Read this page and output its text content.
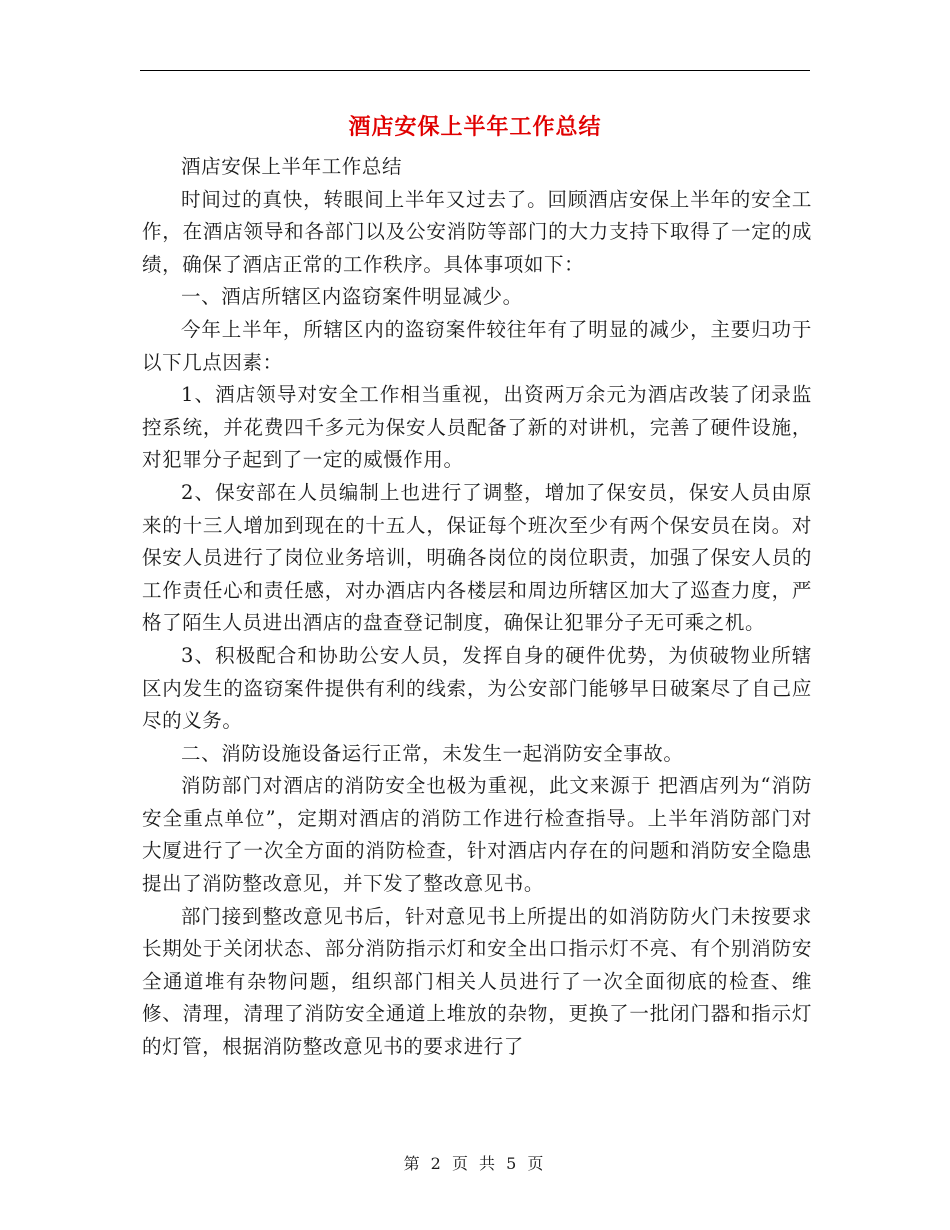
酒店安保上半年工作总结

酒店安保上半年工作总结

时间过的真快，转眼间上半年又过去了。回顾酒店安保上半年的安全工作，在酒店领导和各部门以及公安消防等部门的大力支持下取得了一定的成绩，确保了酒店正常的工作秩序。具体事项如下：

一、酒店所辖区内盗窃案件明显减少。

今年上半年，所辖区内的盗窃案件较往年有了明显的减少，主要归功于以下几点因素：

1、酒店领导对安全工作相当重视，出资两万余元为酒店改装了闭录监控系统，并花费四千多元为保安人员配备了新的对讲机，完善了硬件设施，对犯罪分子起到了一定的威慑作用。

2、保安部在人员编制上也进行了调整，增加了保安员，保安人员由原来的十三人增加到现在的十五人，保证每个班次至少有两个保安员在岗。对保安人员进行了岗位业务培训，明确各岗位的岗位职责，加强了保安人员的工作责任心和责任感，对办酒店内各楼层和周边所辖区加大了巡查力度，严格了陌生人员进出酒店的盘查登记制度，确保让犯罪分子无可乘之机。

3、积极配合和协助公安人员，发挥自身的硬件优势，为侦破物业所辖区内发生的盗窃案件提供有利的线索，为公安部门能够早日破案尽了自己应尽的义务。

二、消防设施设备运行正常，未发生一起消防安全事故。

消防部门对酒店的消防安全也极为重视，此文来源于 把酒店列为“消防安全重点单位”，定期对酒店的消防工作进行检查指导。上半年消防部门对大厦进行了一次全方面的消防检查，针对酒店内存在的问题和消防安全隐患提出了消防整改意见，并下发了整改意见书。

部门接到整改意见书后，针对意见书上所提出的如消防防火门未按要求长期处于关闭状态、部分消防指示灯和安全出口指示灯不亮、有个别消防安全通道堆有杂物问题，组织部门相关人员进行了一次全面彻底的检查、维修、清理，清理了消防安全通道上堆放的杂物，更换了一批闭门器和指示灯的灯管，根据消防整改意见书的要求进行了

第 2 页 共 5 页
